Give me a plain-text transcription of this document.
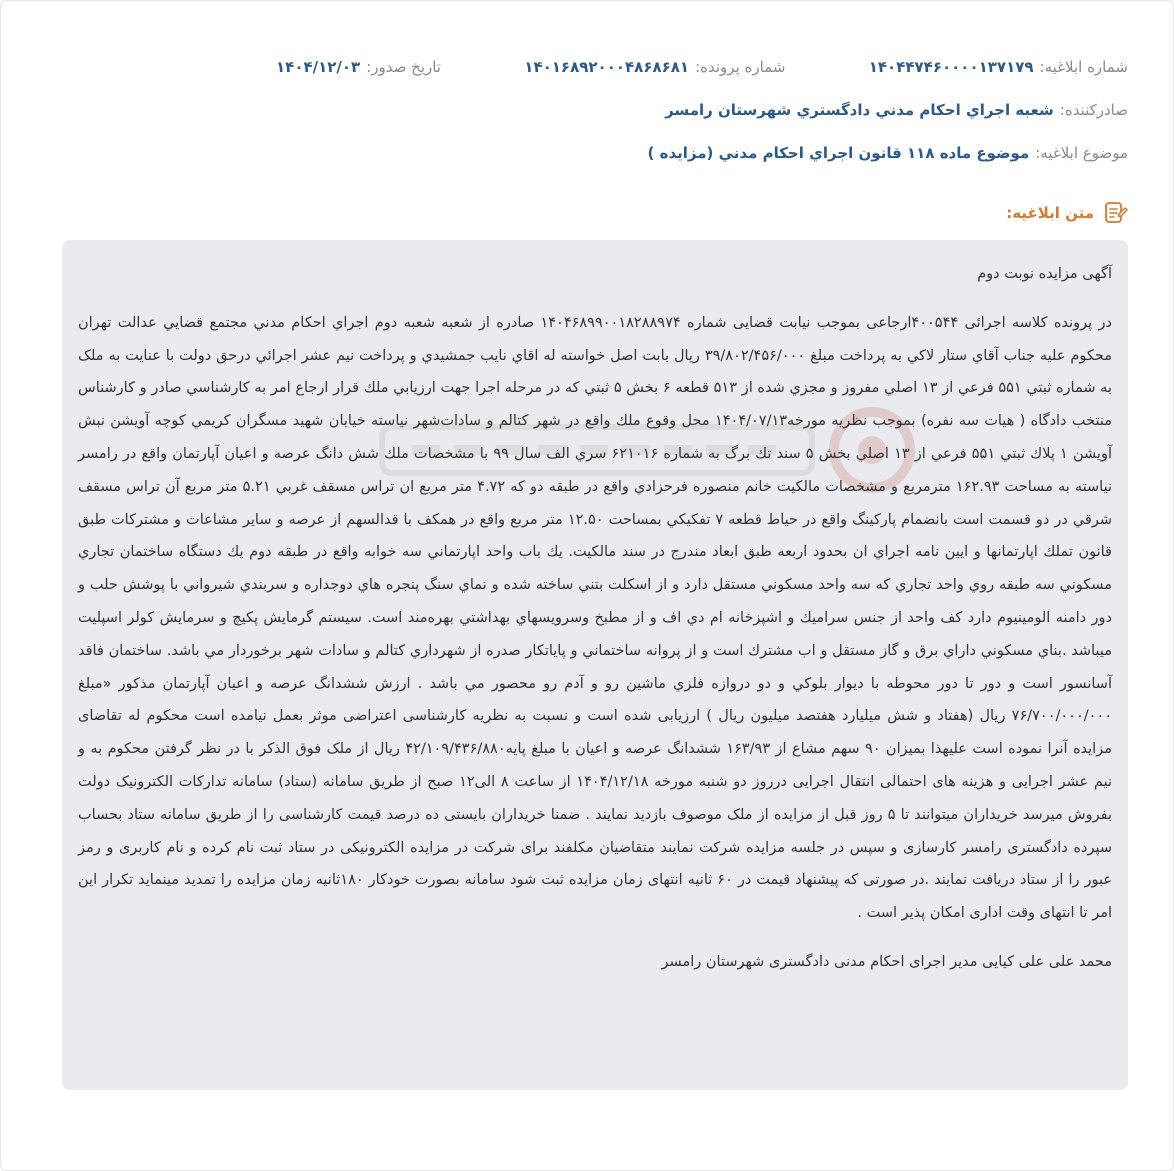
شماره ابلاغيه:
۱۴۰۴۴۷۴۶۰۰۰۰۱۳۷۱۷۹
شماره پرونده:
۱۴۰۱۶۸۹۲۰۰۰۴۸۶۸۶۸۱
تاريخ صدور:
۱۴۰۴/۱۲/۰۳
صادرکننده:
شعبه اجراي احکام مدني دادگستري شهرستان رامسر
موضوع ابلاغيه:
موضوع ماده ۱۱۸ قانون اجراي احکام مدني (مزايده )
متن ابلاغيه:

آگهی مزایده نوبت دوم

در پرونده کلاسه اجرائی ۴۰۰۵۴۴ارجاعی بموجب نیابت قضایی شماره ۱۴۰۴۶۸۹۹۰۰۱۸۲۸۸۹۷۴ صادره از شعبه شعبه دوم اجراي احكام مدني مجتمع قضايي عدالت تهران محكوم عليه جناب آقاي ستار لاكي به پرداخت مبلغ ۳۹/۸۰۲/۴۵۶/۰۰۰ ريال بابت اصل خواسته له اقاي نايب جمشيدي و پرداخت نيم عشر اجرائي درحق دولت با عنايت به ملک به شماره ثبتي ۵۵۱ فرعي از ۱۳ اصلي مفروز و مجزي شده از ۵۱۳ قطعه ۶ بخش ۵ ثبتي که در مرحله اجرا جهت ارزيابي ملك قرار ارجاع امر به كارشناسي صادر و كارشناس منتخب دادگاه ( هيات سه نفره) بموجب نظريه مورخه۱۴۰۴/۰۷/۱۳ محل وقوع ملك واقع در شهر كتالم و سادات‌شهر نياسته خيابان شهيد مسگران كريمي كوچه آويشن نبش آويشن ۱ پلاك ثبتي ۵۵۱ فرعي از ۱۳ اصلي بخش ۵ سند تك برگ به شماره ۶۲۱۰۱۶ سري الف سال ۹۹ با مشخصات ملك شش دانگ عرصه و اعيان آپارتمان واقع در رامسر نياسته به مساحت ۱۶۲.۹۳ مترمربع و مشخصات مالكيت خانم منصوره فرحزادي واقع در طبقه دو كه ۴.۷۲ متر مربع ان تراس مسقف غربي ۵.۲۱ متر مربع آن تراس مسقف شرقي در دو قسمت است بانضمام پاركينگ واقع در حياط قطعه ۷ تفكيكي بمساحت ۱۲.۵۰ متر مربع واقع در همكف با قدالسهم از عرصه و ساير مشاعات و مشتركات طبق قانون تملك اپارتمانها و ايين نامه اجراي ان بحدود اربعه طبق ابعاد مندرج در سند مالكيت. يك باب واحد اپارتماني سه خوابه واقع در طبقه دوم يك دستگاه ساختمان تجاري مسكوني سه طبقه روي واحد تجاري كه سه واحد مسكوني مستقل دارد و از اسكلت بتني ساخته شده و نماي سنگ پنجره هاي دوجداره و سربندي شيرواني با پوشش حلب و دور دامنه الومينيوم دارد كف واحد از جنس سراميك و اشپزخانه ام دي اف و از مطبخ وسرويسهاي بهداشتي بهره‌مند است. سيستم گرمايش پكيچ و سرمايش كولر اسپليت ميباشد .بناي مسكوني داراي برق و گاز مستقل و اب مشترك است و از پروانه ساختماني و پاياتكار صدره از شهرداري كتالم و سادات شهر برخوردار مي باشد. ساختمان فاقد آسانسور است و دور تا دور محوطه با ديوار بلوكي و دو دروازه فلزي ماشين رو و آدم رو محصور مي باشد . ارزش ششدانگ عرصه و اعیان آپارتمان مذکور «مبلغ ۷۶/۷۰۰/۰۰۰/۰۰۰ ریال (هفتاد و شش میلیارد هفتصد میلیون ریال ) ارزیابی شده است و نسبت به نظریه کارشناسی اعتراضی موثر بعمل نیامده است محکوم له تقاضای مزایده آنرا نموده است علیهذا بمیزان ۹۰ سهم مشاع از ۱۶۳/۹۳ ششدانگ عرصه و اعیان با مبلغ پایه۴۲/۱۰۹/۴۳۶/۸۸۰ ریال از ملک فوق الذکر با در نظر گرفتن محکوم به و نیم عشر اجرایی و هزینه های احتمالی انتقال اجرایی درروز دو شنبه مورخه ۱۴۰۴/۱۲/۱۸ از ساعت ۸ الی۱۲ صبح از طریق سامانه (ستاد) سامانه تدارکات الکترونیک دولت بفروش میرسد خریداران میتوانند تا ۵ روز قبل از مزایده از ملک موصوف بازدید نمایند . ضمنا خریداران بایستی ده درصد قیمت کارشناسی را از طریق سامانه ستاد بحساب سپرده دادگستری رامسر کارسازی و سپس در جلسه مزایده شرکت نمایند متقاضیان مکلفند برای شرکت در مزایده الکترونیکی در ستاد ثبت نام کرده و نام کاربری و رمز عبور را از ستاد دریافت نمایند .در صورتی که پیشنهاد قیمت در ۶۰ ثانیه انتهای زمان مزایده ثبت شود سامانه بصورت خودکار ۱۸۰ثانیه زمان مزایده را تمدید مینماید تکرار این امر تا انتهای وقت اداری امکان پذیر است .

محمد علی علی کیایی مدیر اجرای احکام مدنی دادگستری شهرستان رامسر
